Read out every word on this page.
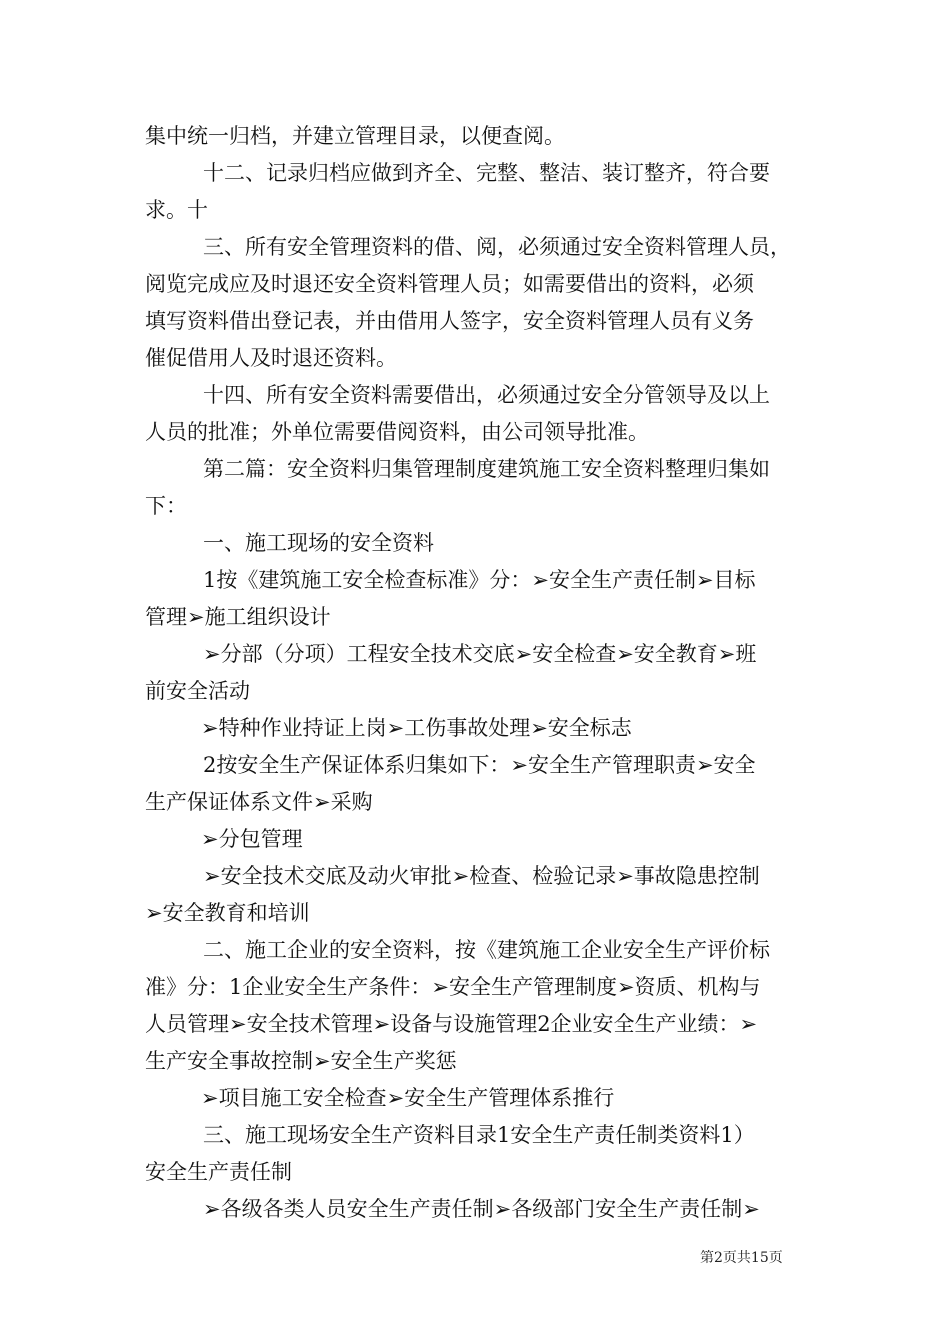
集中统一归档，并建立管理目录，以便查阅。
十二、记录归档应做到齐全、完整、整洁、装订整齐，符合要
求。十
三、所有安全管理资料的借、阅，必须通过安全资料管理人员，
阅览完成应及时退还安全资料管理人员；如需要借出的资料，必须
填写资料借出登记表，并由借用人签字，安全资料管理人员有义务
催促借用人及时退还资料。
十四、所有安全资料需要借出，必须通过安全分管领导及以上
人员的批准；外单位需要借阅资料，由公司领导批准。
第二篇：安全资料归集管理制度建筑施工安全资料整理归集如
下：
一、施工现场的安全资料
1按《建筑施工安全检查标准》分：➢安全生产责任制➢目标
管理➢施工组织设计
➢分部（分项）工程安全技术交底➢安全检查➢安全教育➢班
前安全活动
➢特种作业持证上岗➢工伤事故处理➢安全标志
2按安全生产保证体系归集如下：➢安全生产管理职责➢安全
生产保证体系文件➢采购
➢分包管理
➢安全技术交底及动火审批➢检查、检验记录➢事故隐患控制
➢安全教育和培训
二、施工企业的安全资料，按《建筑施工企业安全生产评价标
准》分：1企业安全生产条件：➢安全生产管理制度➢资质、机构与
人员管理➢安全技术管理➢设备与设施管理2企业安全生产业绩：➢
生产安全事故控制➢安全生产奖惩
➢项目施工安全检查➢安全生产管理体系推行
三、施工现场安全生产资料目录1安全生产责任制类资料1）
安全生产责任制
➢各级各类人员安全生产责任制➢各级部门安全生产责任制➢
第2页共15页
